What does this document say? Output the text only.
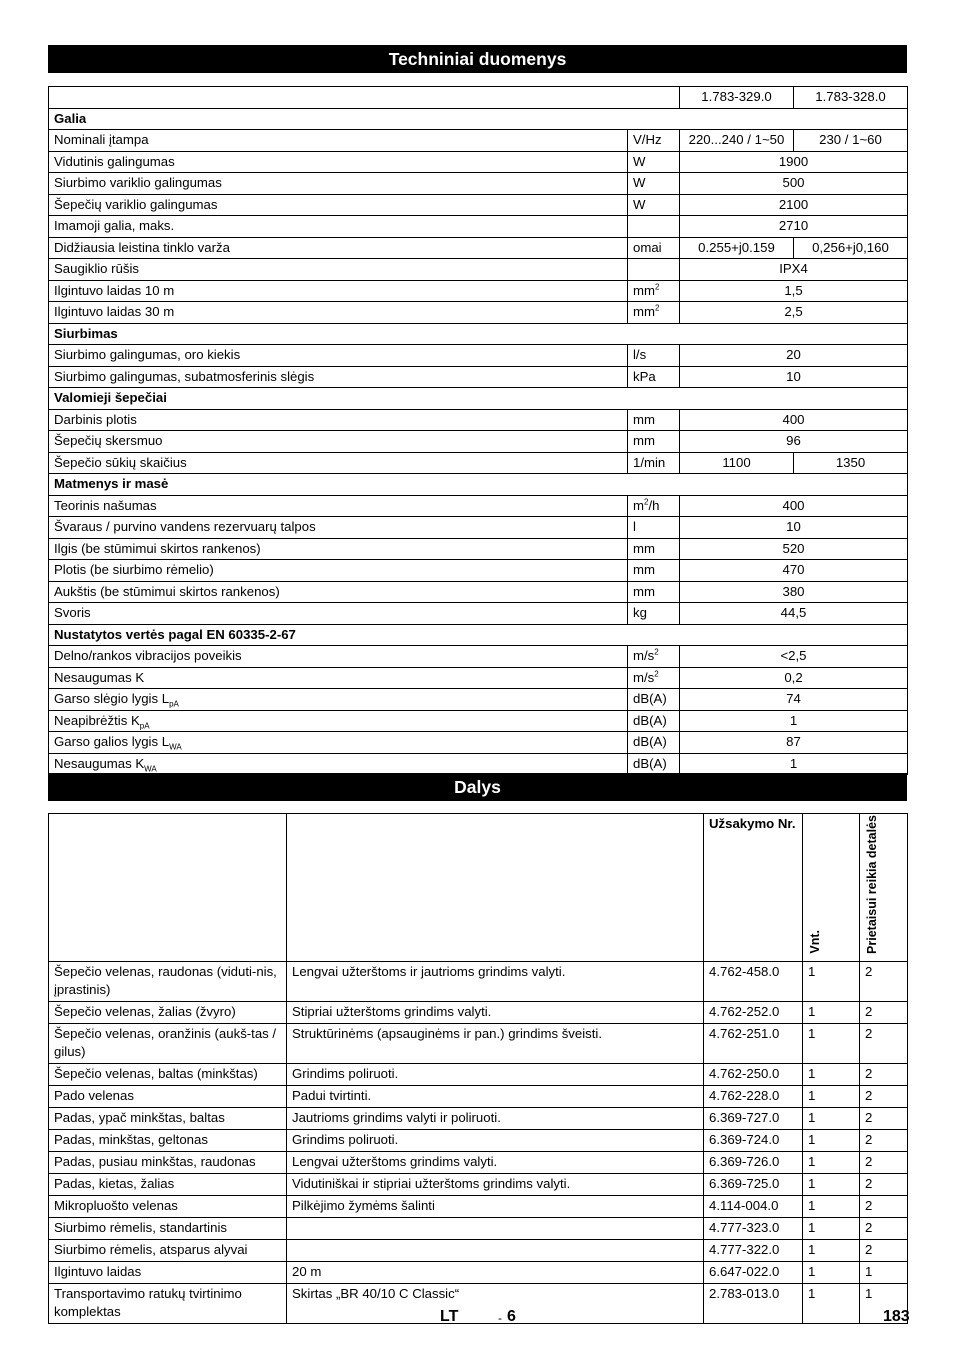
Techniniai duomenys
		1.783-329.0	1.783-328.0
Galia			
Nominali įtampa	V/Hz	220...240 / 1~50	230 / 1~60
Vidutinis galingumas	W	1900	
Siurbimo variklio galingumas	W	500	
Šepečių variklio galingumas	W	2100	
Imamoji galia, maks.		2710	
Didžiausia leistina tinklo varža	omai	0.255+j0.159	0,256+j0,160
Saugiklio rūšis		IPX4	
Ilgintuvo laidas 10 m	$mm^2$	1,5	
Ilgintuvo laidas 30 m	$mm^2$	2,5	
Siurbimas			
Siurbimo galingumas, oro kiekis	l/s	20	
Siurbimo galingumas, subatmosferinis slėgis	kPa	10	
Valomieji šepečiai			
Darbinis plotis	mm	400	
Šepečių skersmuo	mm	96	
Šepečio sūkių skaičius	1/min	1100	1350
Matmenys ir masė			
Teorinis našumas	$m^2/h$	400	
Švaraus / purvino vandens rezervuarų talpos	l	10	
Ilgis (be stūmimui skirtos rankenos)	mm	520	
Plotis (be siurbimo rėmelio)	mm	470	
Aukštis (be stūmimui skirtos rankenos)	mm	380	
Svoris	kg	44,5	
Nustatytos vertės pagal EN 60335-2-67			
Delno/rankos vibracijos poveikis	$m/s^2$	<2,5	
Nesaugumas K	$m/s^2$	0,2	
Garso slėgio lygis $L_{pA}$	dB(A)	74	
Neapibrėžtis $K_{pA}$	dB(A)	1	
Garso galios lygis $L_{WA}$	dB(A)	87	
Nesaugumas $K_{WA}$	dB(A)	1	
Dalys
		Užsakymo Nr.	Vnt.	Prietaisui reikia detalės
Šepečio velenas, raudonas (viduti-nis, įprastinis)	Lengvai užterštoms ir jautrioms grindims valyti.	4.762-458.0	1	2
Šepečio velenas, žalias (žvyro)	Stipriai užterštoms grindims valyti.	4.762-252.0	1	2
Šepečio velenas, oranžinis (aukš-tas / gilus)	Struktūrinėms (apsauginėms ir pan.) grindims šveisti.	4.762-251.0	1	2
Šepečio velenas, baltas (minkštas)	Grindims poliruoti.	4.762-250.0	1	2
Pado velenas	Padui tvirtinti.	4.762-228.0	1	2
Padas, ypač minkštas, baltas	Jautrioms grindims valyti ir poliruoti.	6.369-727.0	1	2
Padas, minkštas, geltonas	Grindims poliruoti.	6.369-724.0	1	2
Padas, pusiau minkštas, raudonas	Lengvai užterštoms grindims valyti.	6.369-726.0	1	2
Padas, kietas, žalias	Vidutiniškai ir stipriai užterštoms grindims valyti.	6.369-725.0	1	2
Mikropluošto velenas	Pilkėjimo žymėms šalinti	4.114-004.0	1	2
Siurbimo rėmelis, standartinis		4.777-323.0	1	2
Siurbimo rėmelis, atsparus alyvai		4.777-322.0	1	2
Ilgintuvo laidas	20 m	6.647-022.0	1	1
Transportavimo ratukų tvirtinimo komplektas	Skirtas „BR 40/10 C Classic“	2.783-013.0	1	1
LT	- 6	183
